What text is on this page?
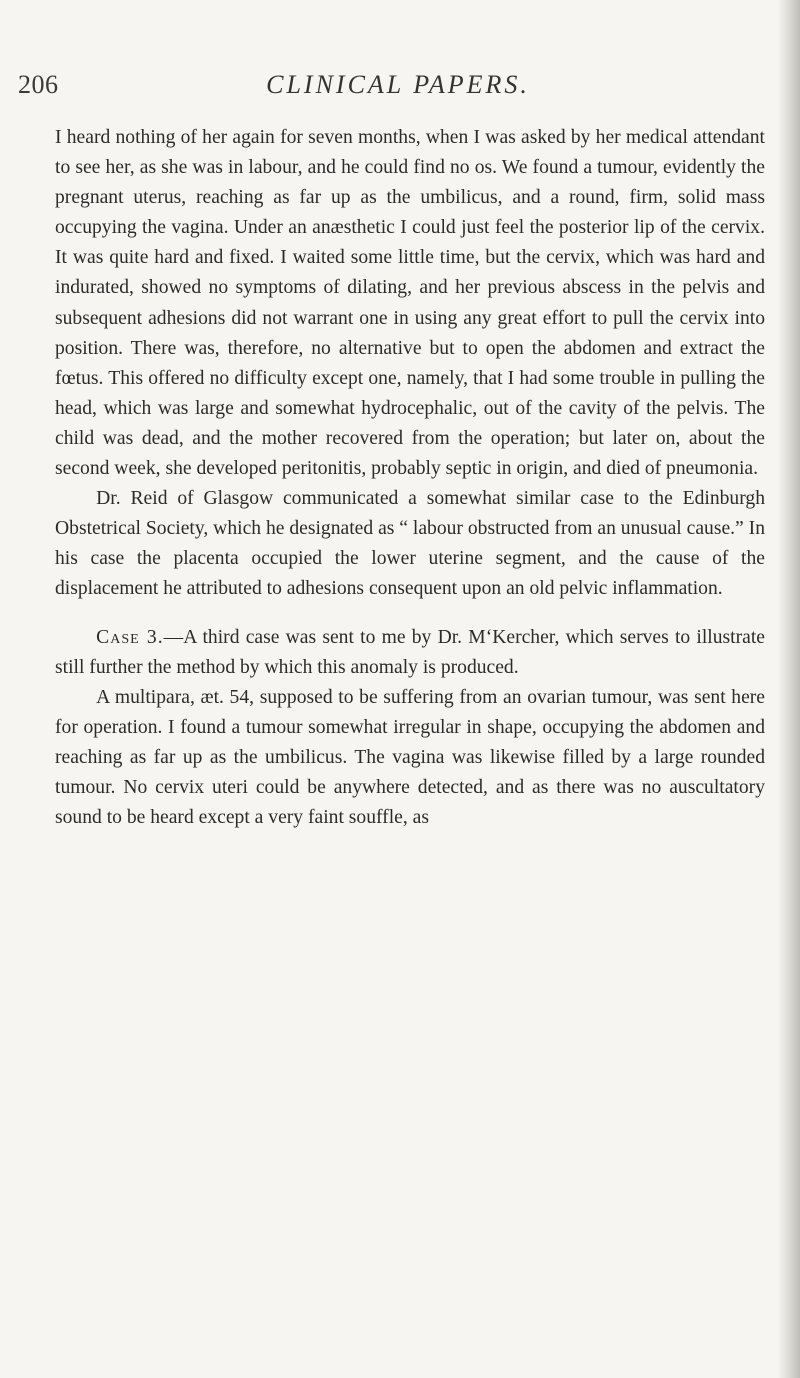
206	CLINICAL PAPERS.

I heard nothing of her again for seven months, when I was asked by her medical attendant to see her, as she was in labour, and he could find no os. We found a tumour, evidently the pregnant uterus, reaching as far up as the umbilicus, and a round, firm, solid mass occupying the vagina. Under an anæsthetic I could just feel the posterior lip of the cervix. It was quite hard and fixed. I waited some little time, but the cervix, which was hard and indurated, showed no symptoms of dilating, and her previous abscess in the pelvis and subsequent adhesions did not warrant one in using any great effort to pull the cervix into position. There was, therefore, no alternative but to open the abdomen and extract the fœtus. This offered no difficulty except one, namely, that I had some trouble in pulling the head, which was large and somewhat hydrocephalic, out of the cavity of the pelvis. The child was dead, and the mother recovered from the operation; but later on, about the second week, she developed peritonitis, probably septic in origin, and died of pneumonia.

Dr. Reid of Glasgow communicated a somewhat similar case to the Edinburgh Obstetrical Society, which he designated as “ labour obstructed from an unusual cause.” In his case the placenta occupied the lower uterine segment, and the cause of the displacement he attributed to adhesions consequent upon an old pelvic inflammation.

Case 3.—A third case was sent to me by Dr. M‘Kercher, which serves to illustrate still further the method by which this anomaly is produced.

A multipara, æt. 54, supposed to be suffering from an ovarian tumour, was sent here for operation. I found a tumour somewhat irregular in shape, occupying the abdomen and reaching as far up as the umbilicus. The vagina was likewise filled by a large rounded tumour. No cervix uteri could be anywhere detected, and as there was no auscultatory sound to be heard except a very faint souffle, as
